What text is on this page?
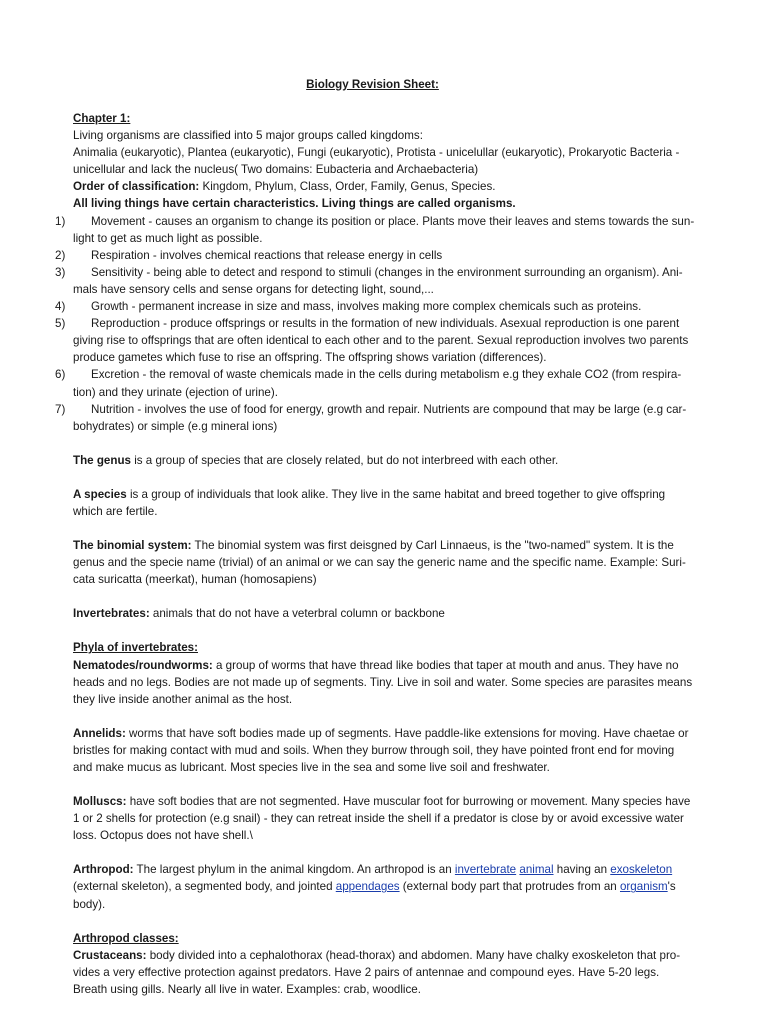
Biology Revision Sheet:

Chapter 1:

Living organisms are classified into 5 major groups called kingdoms:

Animalia (eukaryotic), Plantea (eukaryotic), Fungi (eukaryotic), Protista - unicelullar (eukaryotic), Prokaryotic Bacteria - unicellular and lack the nucleus( Two domains: Eubacteria and Archaebacteria)

Order of classification: Kingdom, Phylum, Class, Order, Family, Genus, Species.

All living things have certain characteristics. Living things are called organisms.

1) Movement - causes an organism to change its position or place. Plants move their leaves and stems towards the sun-light to get as much light as possible.
2) Respiration - involves chemical reactions that release energy in cells
3) Sensitivity - being able to detect and respond to stimuli (changes in the environment surrounding an organism). Ani-mals have sensory cells and sense organs for detecting light, sound,...
4) Growth - permanent increase in size and mass, involves making more complex chemicals such as proteins.
5) Reproduction - produce offsprings or results in the formation of new individuals. Asexual reproduction is one parent giving rise to offsprings that are often identical to each other and to the parent. Sexual reproduction involves two parents produce gametes which fuse to rise an offspring. The offspring shows variation (differences).
6) Excretion - the removal of waste chemicals made in the cells during metabolism e.g they exhale CO2 (from respira-tion) and they urinate (ejection of urine).
7) Nutrition - involves the use of food for energy, growth and repair. Nutrients are compound that may be large (e.g car-bohydrates) or simple (e.g mineral ions)

The genus is a group of species that are closely related, but do not interbreed with each other.

A species is a group of individuals that look alike. They live in the same habitat and breed together to give offspring which are fertile.

The binomial system: The binomial system was first deisgned by Carl Linnaeus, is the "two-named" system. It is the genus and the specie name (trivial) of an animal or we can say the generic name and the specific name. Example: Suri-cata suricatta (meerkat), human (homosapiens)

Invertebrates: animals that do not have a veterbral column or backbone

Phyla of invertebrates:

Nematodes/roundworms: a group of worms that have thread like bodies that taper at mouth and anus. They have no heads and no legs. Bodies are not made up of segments. Tiny. Live in soil and water. Some species are parasites means they live inside another animal as the host.

Annelids: worms that have soft bodies made up of segments. Have paddle-like extensions for moving. Have chaetae or bristles for making contact with mud and soils. When they burrow through soil, they have pointed front end for moving and make mucus as lubricant. Most species live in the sea and some live soil and freshwater.

Molluscs: have soft bodies that are not segmented. Have muscular foot for burrowing or movement. Many species have 1 or 2 shells for protection (e.g snail) - they can retreat inside the shell if a predator is close by or avoid excessive water loss. Octopus does not have shell.\

Arthropod: The largest phylum in the animal kingdom. An arthropod is an invertebrate animal having an exoskeleton (external skeleton), a segmented body, and jointed appendages (external body part that protrudes from an organism's body).

Arthropod classes:

Crustaceans: body divided into a cephalothorax (head-thorax) and abdomen. Many have chalky exoskeleton that pro-vides a very effective protection against predators. Have 2 pairs of antennae and compound eyes. Have 5-20 legs. Breath using gills. Nearly all live in water. Examples: crab, woodlice.
